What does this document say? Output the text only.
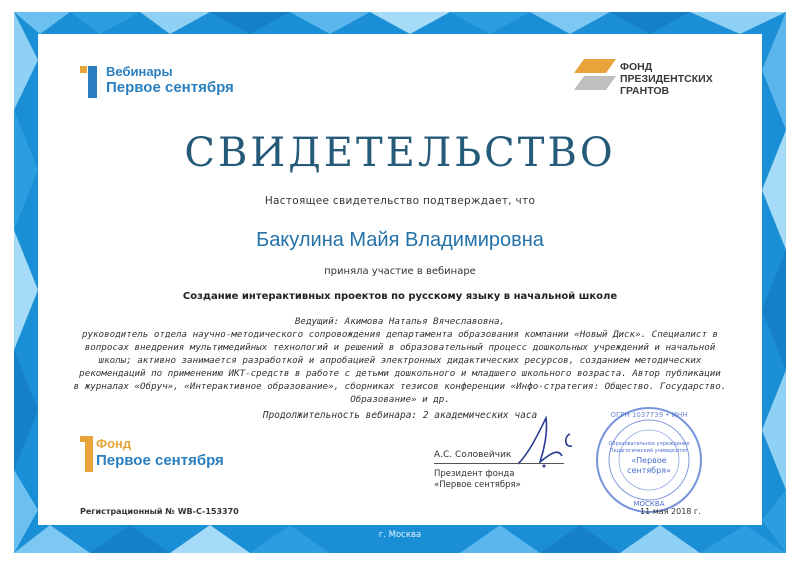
Вебинары
Первое сентября
ФОНД
ПРЕЗИДЕНТСКИХ
ГРАНТОВ
СВИДЕТЕЛЬСТВО
Настоящее свидетельство подтверждает, что
Бакулина Майя Владимировна
приняла участие в вебинаре
Создание интерактивных проектов по русскому языку в начальной школе
Ведущий: Акимова Наталья Вячеславовна,
руководитель отдела научно-методического сопровождения департамента образования компании «Новый Диск». Специалист в
вопросах внедрения мультимедийных технологий и решений в образовательный процесс дошкольных учреждений и начальной
школы; активно занимается разработкой и апробацией электронных дидактических ресурсов, созданием методических
рекомендаций по применению ИКТ-средств в работе с детьми дошкольного и младшего школьного возраста. Автор публикации
в журналах «Обруч», «Интерактивное образование», сборниках тезисов конференции «Инфо-стратегия: Общество. Государство.
Образование» и др.
Продолжительность вебинара: 2 академических часа
Фонд
Первое сентября	А.С. Соловейчик
Президент фонда
«Первое сентября»
ОГРН 1037739 • ИНН
Образовательное учреждение
Педагогический университет
«Первое
сентября»
МОСКВА
Регистрационный № WB-C-153370	11 мая 2018 г.
г. Москва
